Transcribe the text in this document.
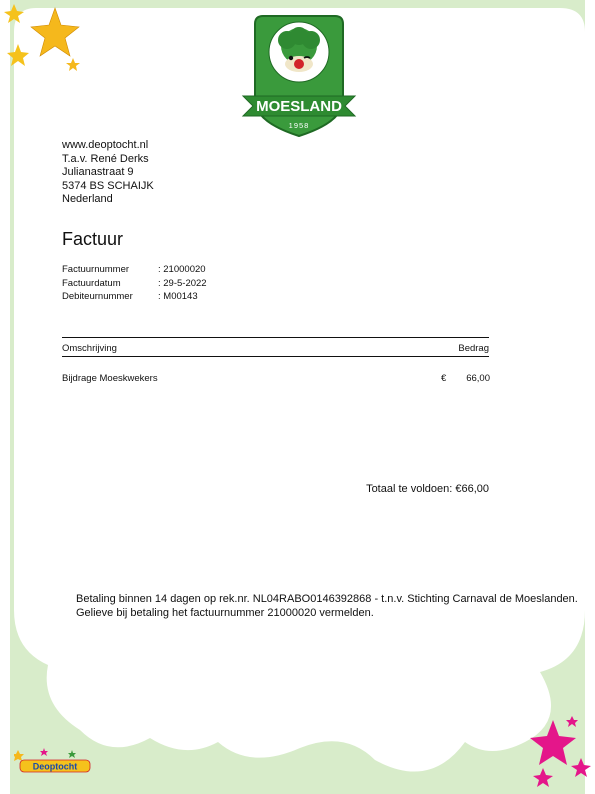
MOESLAND
1958
www.deoptocht.nl
T.a.v. René Derks
Julianastraat 9
5374 BS SCHAIJK
Nederland
Factuur
Factuurnummer	: 21000020
Factuurdatum	: 29-5-2022
Debiteurnummer	: M00143
Omschrijving	Bedrag
Bijdrage Moeskwekers	€	66,00
Totaal te voldoen: €66,00
Betaling binnen 14 dagen op rek.nr. NL04RABO0146392868 - t.n.v. Stichting Carnaval de Moeslanden.
Gelieve bij betaling het factuurnummer 21000020 vermelden.
Deoptocht
